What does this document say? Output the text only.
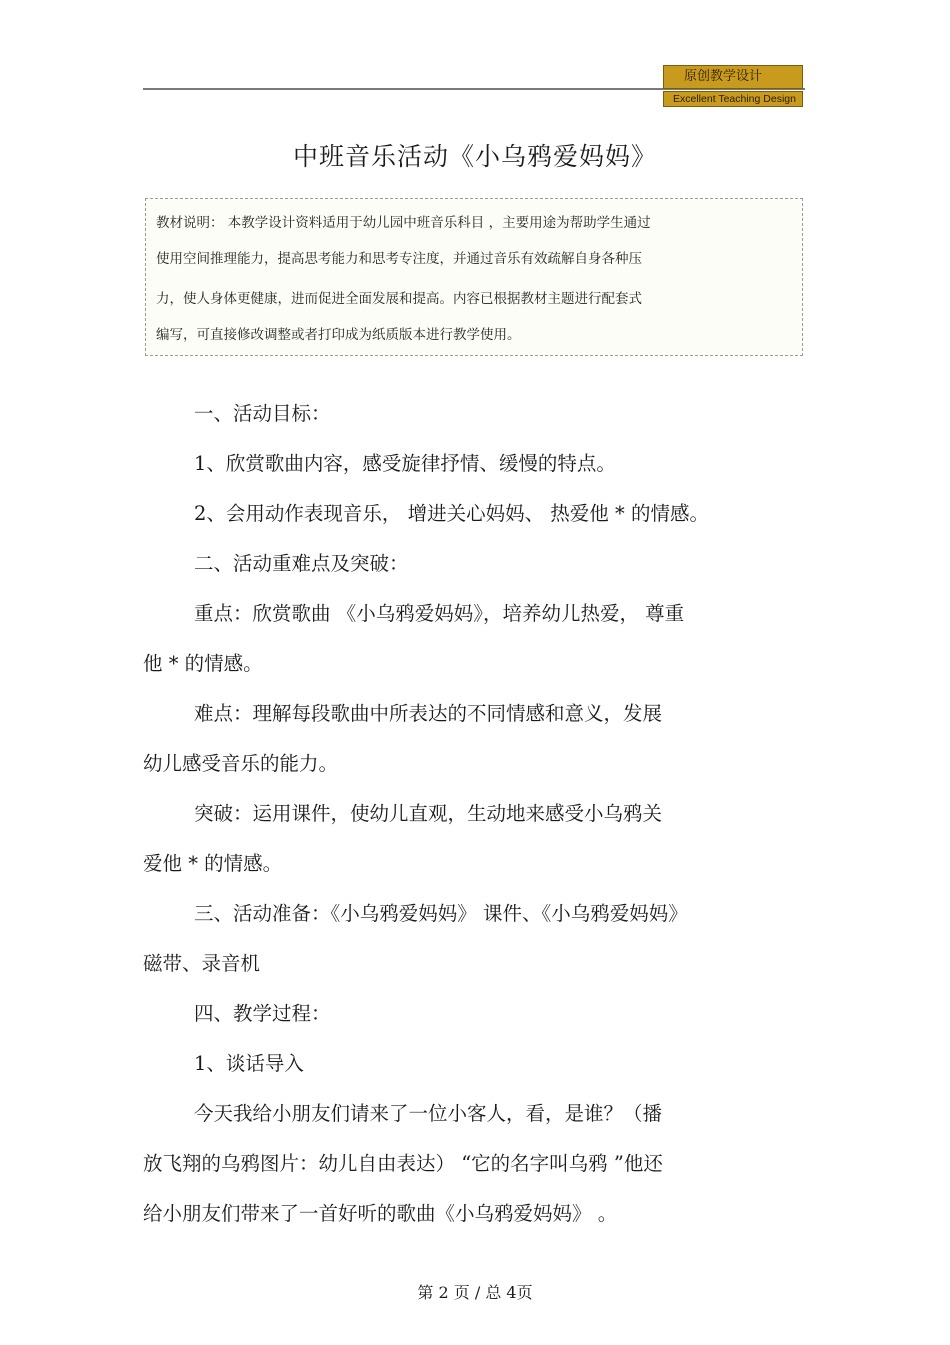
原创教学设计
Excellent Teaching Design
中班音乐活动《小乌鸦爱妈妈》
教材说明： 本教学设计资料适用于幼儿园中班音乐科目 ，主要用途为帮助学生通过
使用空间推理能力，提高思考能力和思考专注度，并通过音乐有效疏解自身各种压
力，使人身体更健康，进而促进全面发展和提高。内容已根据教材主题进行配套式
编写，可直接修改调整或者打印成为纸质版本进行教学使用。
一、活动目标：
1、欣赏歌曲内容，感受旋律抒情、缓慢的特点。
2、会用动作表现音乐， 增进关心妈妈、 热爱他 * 的情感。
二、活动重难点及突破：
重点：欣赏歌曲 《小乌鸦爱妈妈》，培养幼儿热爱， 尊重
他 * 的情感。
难点：理解每段歌曲中所表达的不同情感和意义，发展
幼儿感受音乐的能力。
突破：运用课件，使幼儿直观，生动地来感受小乌鸦关
爱他 * 的情感。
三、活动准备：《小乌鸦爱妈妈》 课件、《小乌鸦爱妈妈》
磁带、录音机
四、教学过程：
1、谈话导入
今天我给小朋友们请来了一位小客人，看，是谁？（播
放飞翔的乌鸦图片：幼儿自由表达） “它的名字叫乌鸦 ”他还
给小朋友们带来了一首好听的歌曲《小乌鸦爱妈妈》 。
第 2 页 / 总 4页
